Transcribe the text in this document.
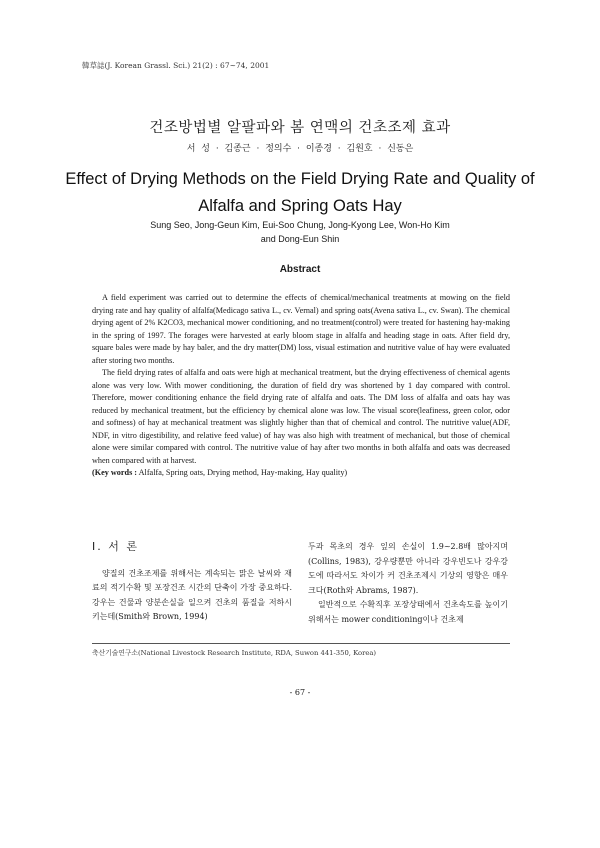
韓草誌(J. Korean Grassl. Sci.) 21(2) : 67~74, 2001
건조방법별 알팔파와 봄 연맥의 건초조제 효과
서 성 · 김종근 · 정의수 · 이종경 · 김원호 · 신동은
Effect of Drying Methods on the Field Drying Rate and Quality of Alfalfa and Spring Oats Hay
Sung Seo, Jong-Geun Kim, Eui-Soo Chung, Jong-Kyong Lee, Won-Ho Kim
and Dong-Eun Shin
Abstract

A field experiment was carried out to determine the effects of chemical/mechanical treatments at mowing on the field drying rate and hay quality of alfalfa(Medicago sativa L., cv. Vernal) and spring oats(Avena sativa L., cv. Swan). The chemical drying agent of 2% K2CO3, mechanical mower conditioning, and no treatment(control) were treated for hastening hay-making in the spring of 1997. The forages were harvested at early bloom stage in alfalfa and heading stage in oats. After field dry, square bales were made by hay baler, and the dry matter(DM) loss, visual estimation and nutritive value of hay were evaluated after storing two months.

The field drying rates of alfalfa and oats were high at mechanical treatment, but the drying effectiveness of chemical agents alone was very low. With mower conditioning, the duration of field dry was shortened by 1 day compared with control. Therefore, mower conditioning enhance the field drying rate of alfalfa and oats. The DM loss of alfalfa and oats hay was reduced by mechanical treatment, but the efficiency by chemical alone was low. The visual score(leafiness, green color, odor and softness) of hay at mechanical treatment was slightly higher than that of chemical and control. The nutritive value(ADF, NDF, in vitro digestibility, and relative feed value) of hay was also high with treatment of mechanical, but those of chemical alone were similar compared with control. The nutritive value of hay after two months in both alfalfa and oats was decreased when compared with at harvest.

(Key words : Alfalfa, Spring oats, Drying method, Hay-making, Hay quality)

Ⅰ. 서 론

양질의 건초조제를 위해서는 계속되는 맑은 날씨와 재료의 적기수확 및 포장건조 시간의 단축이 가장 중요하다. 강우는 건물과 양분손실을 일으켜 건초의 품질을 저하시키는데(Smith와 Brown, 1994)

두과 목초의 경우 잎의 손실이 1.9~2.8배 많아지며(Collins, 1983), 강우량뿐만 아니라 강우빈도나 강우강도에 따라서도 차이가 커 건초조제시 기상의 영향은 매우 크다(Roth와 Abrams, 1987).

일반적으로 수확직후 포장상태에서 건초속도를 높이기 위해서는 mower conditioning이나 건초제

축산기술연구소(National Livestock Research Institute, RDA, Suwon 441-350, Korea)
- 67 -
